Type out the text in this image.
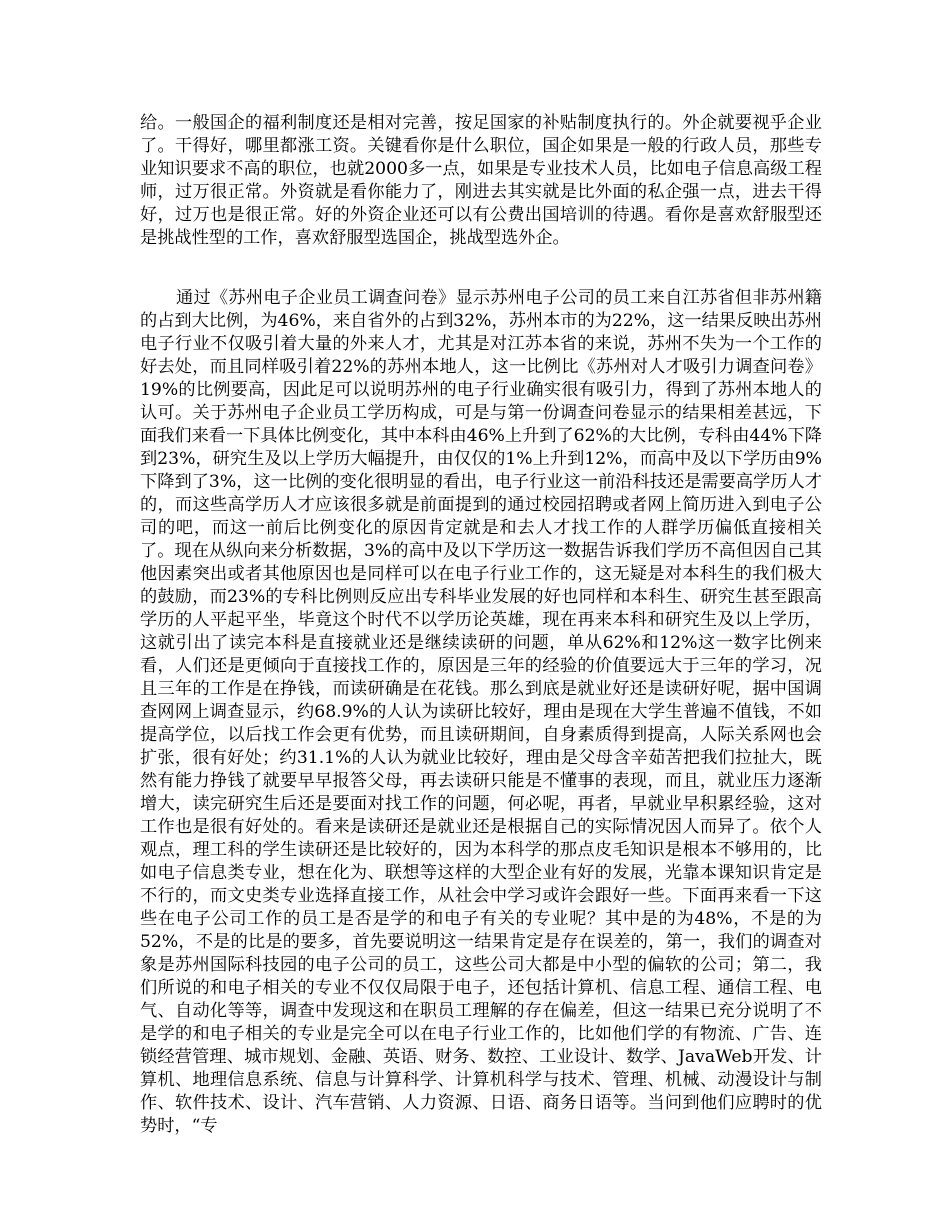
给。一般国企的福利制度还是相对完善，按足国家的补贴制度执行的。外企就要视乎企业了。干得好，哪里都涨工资。关键看你是什么职位，国企如果是一般的行政人员，那些专业知识要求不高的职位，也就2000多一点，如果是专业技术人员，比如电子信息高级工程师，过万很正常。外资就是看你能力了，刚进去其实就是比外面的私企强一点，进去干得好，过万也是很正常。好的外资企业还可以有公费出国培训的待遇。看你是喜欢舒服型还是挑战性型的工作，喜欢舒服型选国企，挑战型选外企。

通过《苏州电子企业员工调查问卷》显示苏州电子公司的员工来自江苏省但非苏州籍的占到大比例，为46%，来自省外的占到32%，苏州本市的为22%，这一结果反映出苏州电子行业不仅吸引着大量的外来人才，尤其是对江苏本省的来说，苏州不失为一个工作的好去处，而且同样吸引着22%的苏州本地人，这一比例比《苏州对人才吸引力调查问卷》19%的比例要高，因此足可以说明苏州的电子行业确实很有吸引力，得到了苏州本地人的认可。关于苏州电子企业员工学历构成，可是与第一份调查问卷显示的结果相差甚远，下面我们来看一下具体比例变化，其中本科由46%上升到了62%的大比例，专科由44%下降到23%，研究生及以上学历大幅提升，由仅仅的1%上升到12%，而高中及以下学历由9%下降到了3%，这一比例的变化很明显的看出，电子行业这一前沿科技还是需要高学历人才的，而这些高学历人才应该很多就是前面提到的通过校园招聘或者网上简历进入到电子公司的吧，而这一前后比例变化的原因肯定就是和去人才找工作的人群学历偏低直接相关了。现在从纵向来分析数据，3%的高中及以下学历这一数据告诉我们学历不高但因自己其他因素突出或者其他原因也是同样可以在电子行业工作的，这无疑是对本科生的我们极大的鼓励，而23%的专科比例则反应出专科毕业发展的好也同样和本科生、研究生甚至跟高学历的人平起平坐，毕竟这个时代不以学历论英雄，现在再来本科和研究生及以上学历，这就引出了读完本科是直接就业还是继续读研的问题，单从62%和12%这一数字比例来看，人们还是更倾向于直接找工作的，原因是三年的经验的价值要远大于三年的学习，况且三年的工作是在挣钱，而读研确是在花钱。那么到底是就业好还是读研好呢，据中国调查网网上调查显示，约68.9%的人认为读研比较好，理由是现在大学生普遍不值钱，不如提高学位，以后找工作会更有优势，而且读研期间，自身素质得到提高，人际关系网也会扩张，很有好处；约31.1%的人认为就业比较好，理由是父母含辛茹苦把我们拉扯大，既然有能力挣钱了就要早早报答父母，再去读研只能是不懂事的表现，而且，就业压力逐渐增大，读完研究生后还是要面对找工作的问题，何必呢，再者，早就业早积累经验，这对工作也是很有好处的。看来是读研还是就业还是根据自己的实际情况因人而异了。依个人观点，理工科的学生读研还是比较好的，因为本科学的那点皮毛知识是根本不够用的，比如电子信息类专业，想在化为、联想等这样的大型企业有好的发展，光靠本课知识肯定是不行的，而文史类专业选择直接工作，从社会中学习或许会跟好一些。下面再来看一下这些在电子公司工作的员工是否是学的和电子有关的专业呢？其中是的为48%，不是的为52%，不是的比是的要多，首先要说明这一结果肯定是存在误差的，第一，我们的调查对象是苏州国际科技园的电子公司的员工，这些公司大都是中小型的偏软的公司；第二，我们所说的和电子相关的专业不仅仅局限于电子，还包括计算机、信息工程、通信工程、电气、自动化等等，调查中发现这和在职员工理解的存在偏差，但这一结果已充分说明了不是学的和电子相关的专业是完全可以在电子行业工作的，比如他们学的有物流、广告、连锁经营管理、城市规划、金融、英语、财务、数控、工业设计、数学、JavaWeb开发、计算机、地理信息系统、信息与计算科学、计算机科学与技术、管理、机械、动漫设计与制作、软件技术、设计、汽车营销、人力资源、日语、商务日语等。当问到他们应聘时的优势时，“专
